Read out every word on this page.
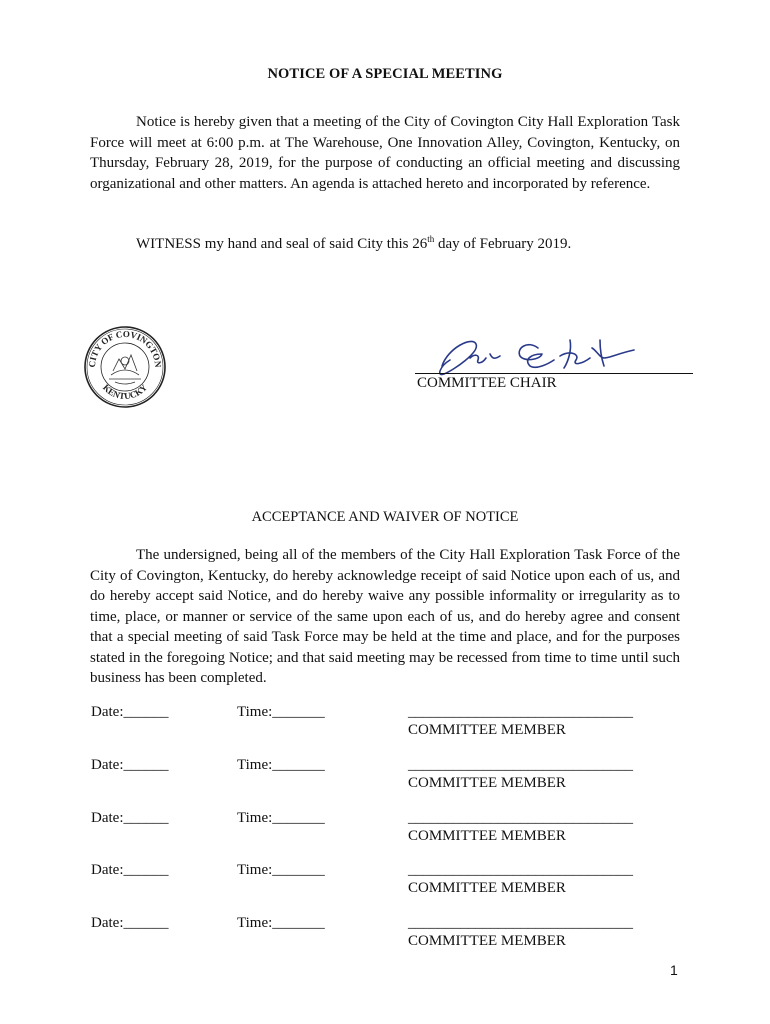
NOTICE OF A SPECIAL MEETING

Notice is hereby given that a meeting of the City of Covington City Hall Exploration Task Force will meet at 6:00 p.m. at The Warehouse, One Innovation Alley, Covington, Kentucky, on Thursday, February 28, 2019, for the purpose of conducting an official meeting and discussing organizational and other matters. An agenda is attached hereto and incorporated by reference.

WITNESS my hand and seal of said City this 26th day of February 2019.
CITY OF COVINGTON
KENTUCKY	COMMITTEE CHAIR
ACCEPTANCE AND WAIVER OF NOTICE

The undersigned, being all of the members of the City Hall Exploration Task Force of the City of Covington, Kentucky, do hereby acknowledge receipt of said Notice upon each of us, and do hereby accept said Notice, and do hereby waive any possible informality or irregularity as to time, place, or manner or service of the same upon each of us, and do hereby agree and consent that a special meeting of said Task Force may be held at the time and place, and for the purposes stated in the foregoing Notice; and that said meeting may be recessed from time to time until such business has been completed.

Date:______	Time:_______	______________________________
COMMITTEE MEMBER
Date:______	Time:_______	______________________________
COMMITTEE MEMBER
Date:______	Time:_______	______________________________
COMMITTEE MEMBER
Date:______	Time:_______	______________________________
COMMITTEE MEMBER
Date:______	Time:_______	______________________________
COMMITTEE MEMBER
1
